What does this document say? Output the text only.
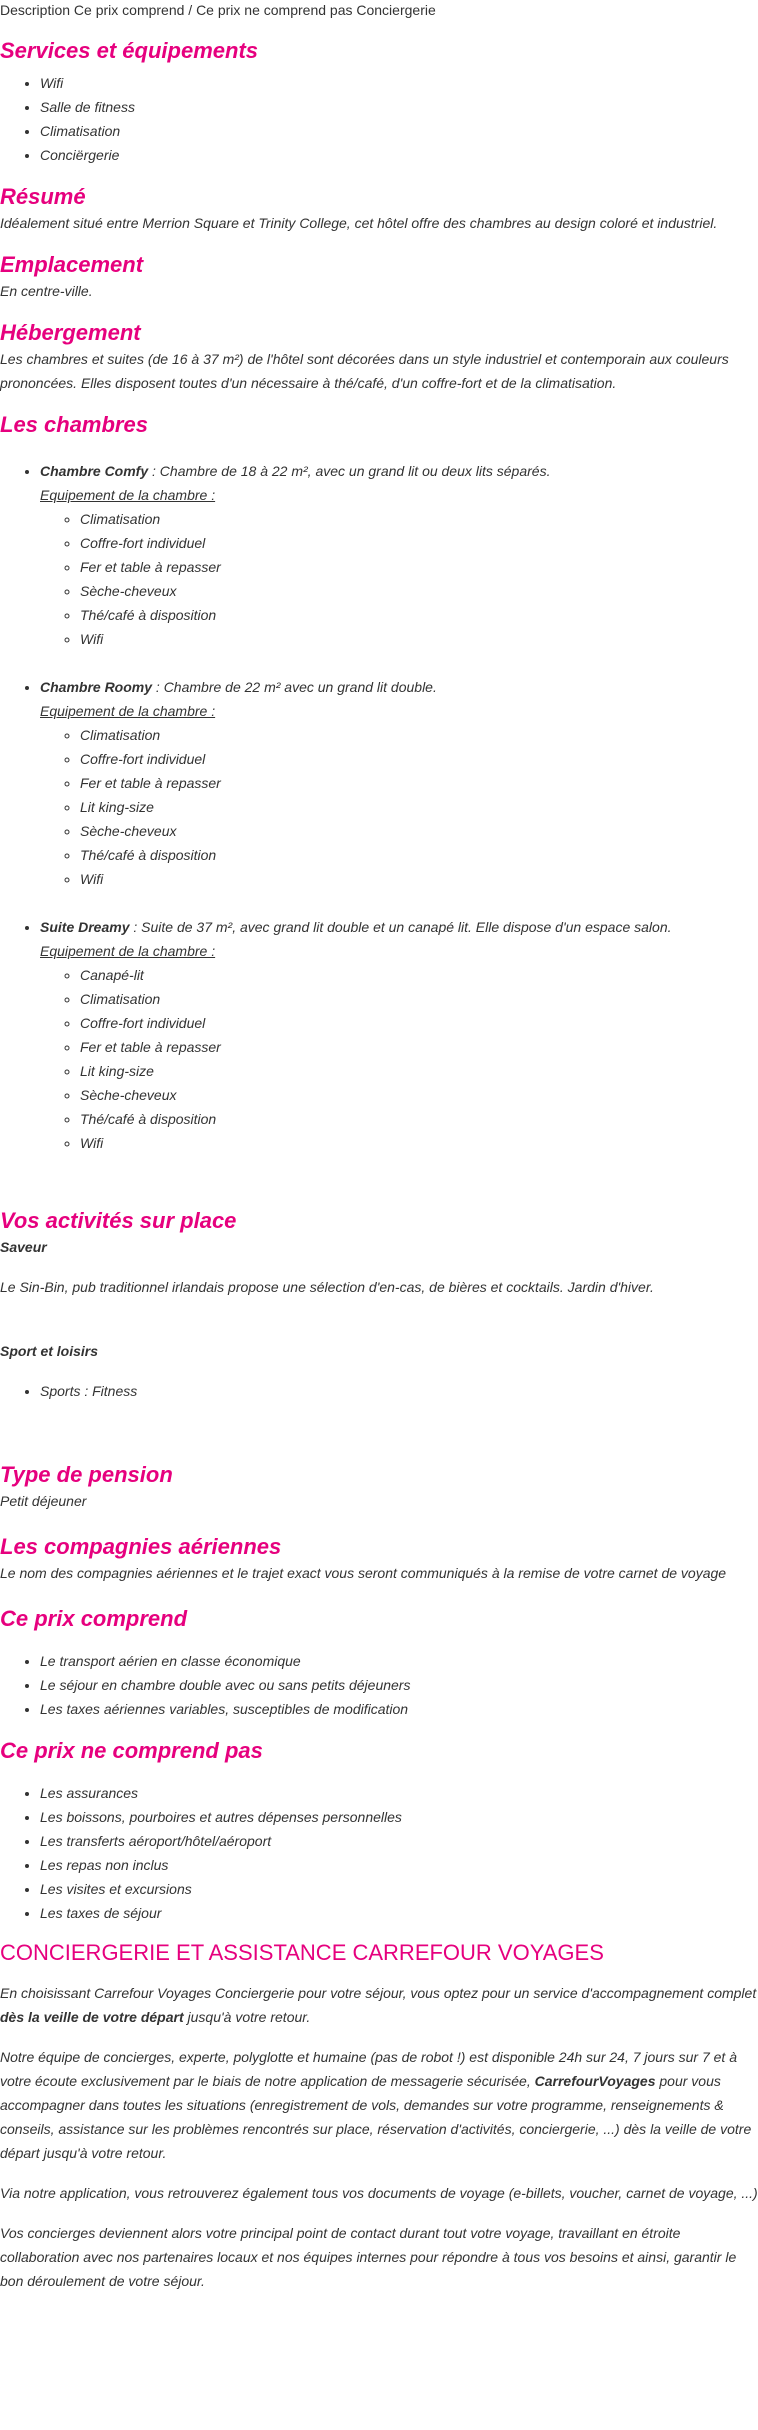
Description Ce prix comprend / Ce prix ne comprend pas Conciergerie
Services et équipements
• Wifi
• Salle de fitness
• Climatisation
• Conciërgerie
Résumé

Idéalement situé entre Merrion Square et Trinity College, cet hôtel offre des chambres au design coloré et industriel.

Emplacement

En centre-ville.

Hébergement

Les chambres et suites (de 16 à 37 m²) de l'hôtel sont décorées dans un style industriel et contemporain aux couleurs prononcées. Elles disposent toutes d'un nécessaire à thé/café, d'un coffre-fort et de la climatisation.

Les chambres
• Chambre Comfy : Chambre de 18 à 22 m², avec un grand lit ou deux lits séparés.
Equipement de la chambre :
◦ Climatisation
◦ Coffre-fort individuel
◦ Fer et table à repasser
◦ Sèche-cheveux
◦ Thé/café à disposition
◦ Wifi
• Chambre Roomy : Chambre de 22 m² avec un grand lit double.
Equipement de la chambre :
◦ Climatisation
◦ Coffre-fort individuel
◦ Fer et table à repasser
◦ Lit king-size
◦ Sèche-cheveux
◦ Thé/café à disposition
◦ Wifi
• Suite Dreamy : Suite de 37 m², avec grand lit double et un canapé lit. Elle dispose d'un espace salon.
Equipement de la chambre :
◦ Canapé-lit
◦ Climatisation
◦ Coffre-fort individuel
◦ Fer et table à repasser
◦ Lit king-size
◦ Sèche-cheveux
◦ Thé/café à disposition
◦ Wifi
Vos activités sur place
Saveur

Le Sin-Bin, pub traditionnel irlandais propose une sélection d'en-cas, de bières et cocktails. Jardin d'hiver.

Sport et loisirs
• Sports : Fitness
Type de pension

Petit déjeuner

Les compagnies aériennes

Le nom des compagnies aériennes et le trajet exact vous seront communiqués à la remise de votre carnet de voyage

Ce prix comprend
• Le transport aérien en classe économique
• Le séjour en chambre double avec ou sans petits déjeuners
• Les taxes aériennes variables, susceptibles de modification
Ce prix ne comprend pas
• Les assurances
• Les boissons, pourboires et autres dépenses personnelles
• Les transferts aéroport/hôtel/aéroport
• Les repas non inclus
• Les visites et excursions
• Les taxes de séjour
CONCIERGERIE ET ASSISTANCE CARREFOUR VOYAGES

En choisissant Carrefour Voyages Conciergerie pour votre séjour, vous optez pour un service d'accompagnement complet dès la veille de votre départ jusqu'à votre retour.

Notre équipe de concierges, experte, polyglotte et humaine (pas de robot !) est disponible 24h sur 24, 7 jours sur 7 et à votre écoute exclusivement par le biais de notre application de messagerie sécurisée, CarrefourVoyages pour vous accompagner dans toutes les situations (enregistrement de vols, demandes sur votre programme, renseignements & conseils, assistance sur les problèmes rencontrés sur place, réservation d'activités, conciergerie, ...) dès la veille de votre départ jusqu'à votre retour.

Via notre application, vous retrouverez également tous vos documents de voyage (e-billets, voucher, carnet de voyage, ...)

Vos concierges deviennent alors votre principal point de contact durant tout votre voyage, travaillant en étroite collaboration avec nos partenaires locaux et nos équipes internes pour répondre à tous vos besoins et ainsi, garantir le bon déroulement de votre séjour.
